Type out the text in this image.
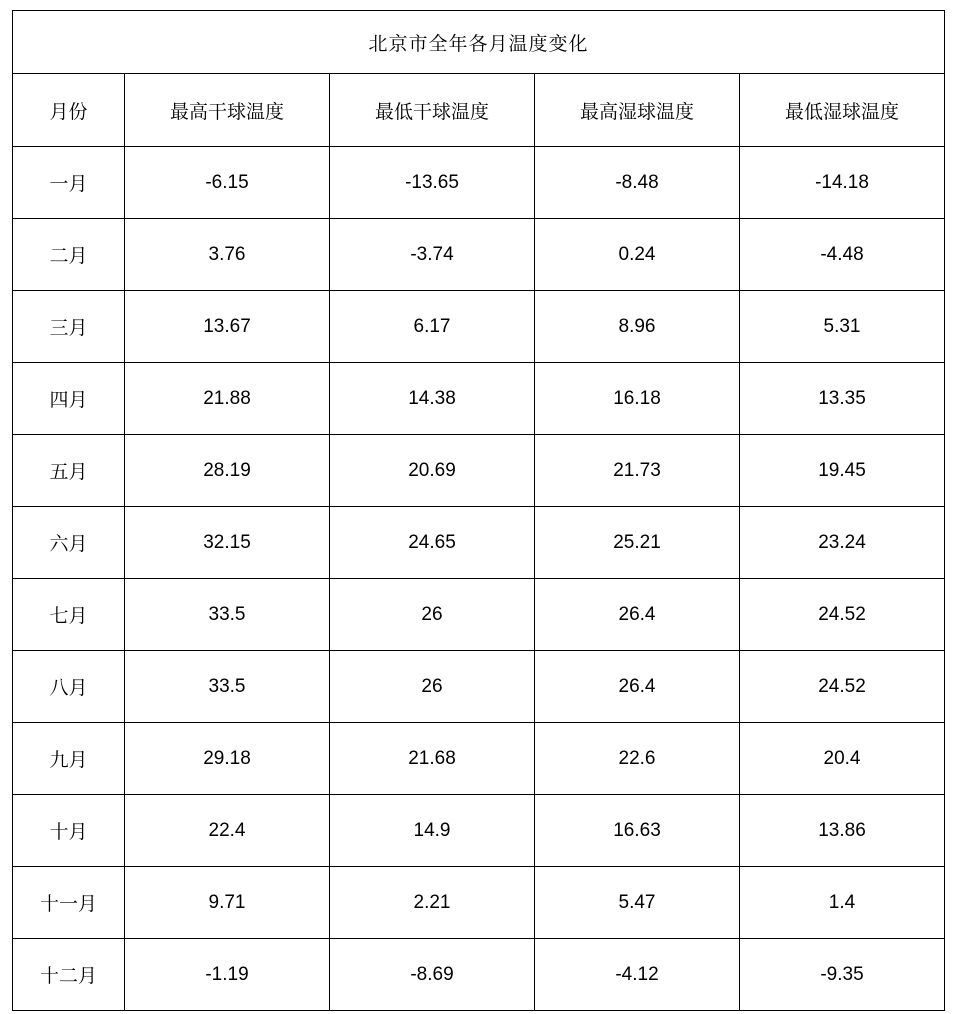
北京市全年各月温度变化				
月份	最高干球温度	最低干球温度	最高湿球温度	最低湿球温度
一月	-6.15	-13.65	-8.48	-14.18
二月	3.76	-3.74	0.24	-4.48
三月	13.67	6.17	8.96	5.31
四月	21.88	14.38	16.18	13.35
五月	28.19	20.69	21.73	19.45
六月	32.15	24.65	25.21	23.24
七月	33.5	26	26.4	24.52
八月	33.5	26	26.4	24.52
九月	29.18	21.68	22.6	20.4
十月	22.4	14.9	16.63	13.86
十一月	9.71	2.21	5.47	1.4
十二月	-1.19	-8.69	-4.12	-9.35
